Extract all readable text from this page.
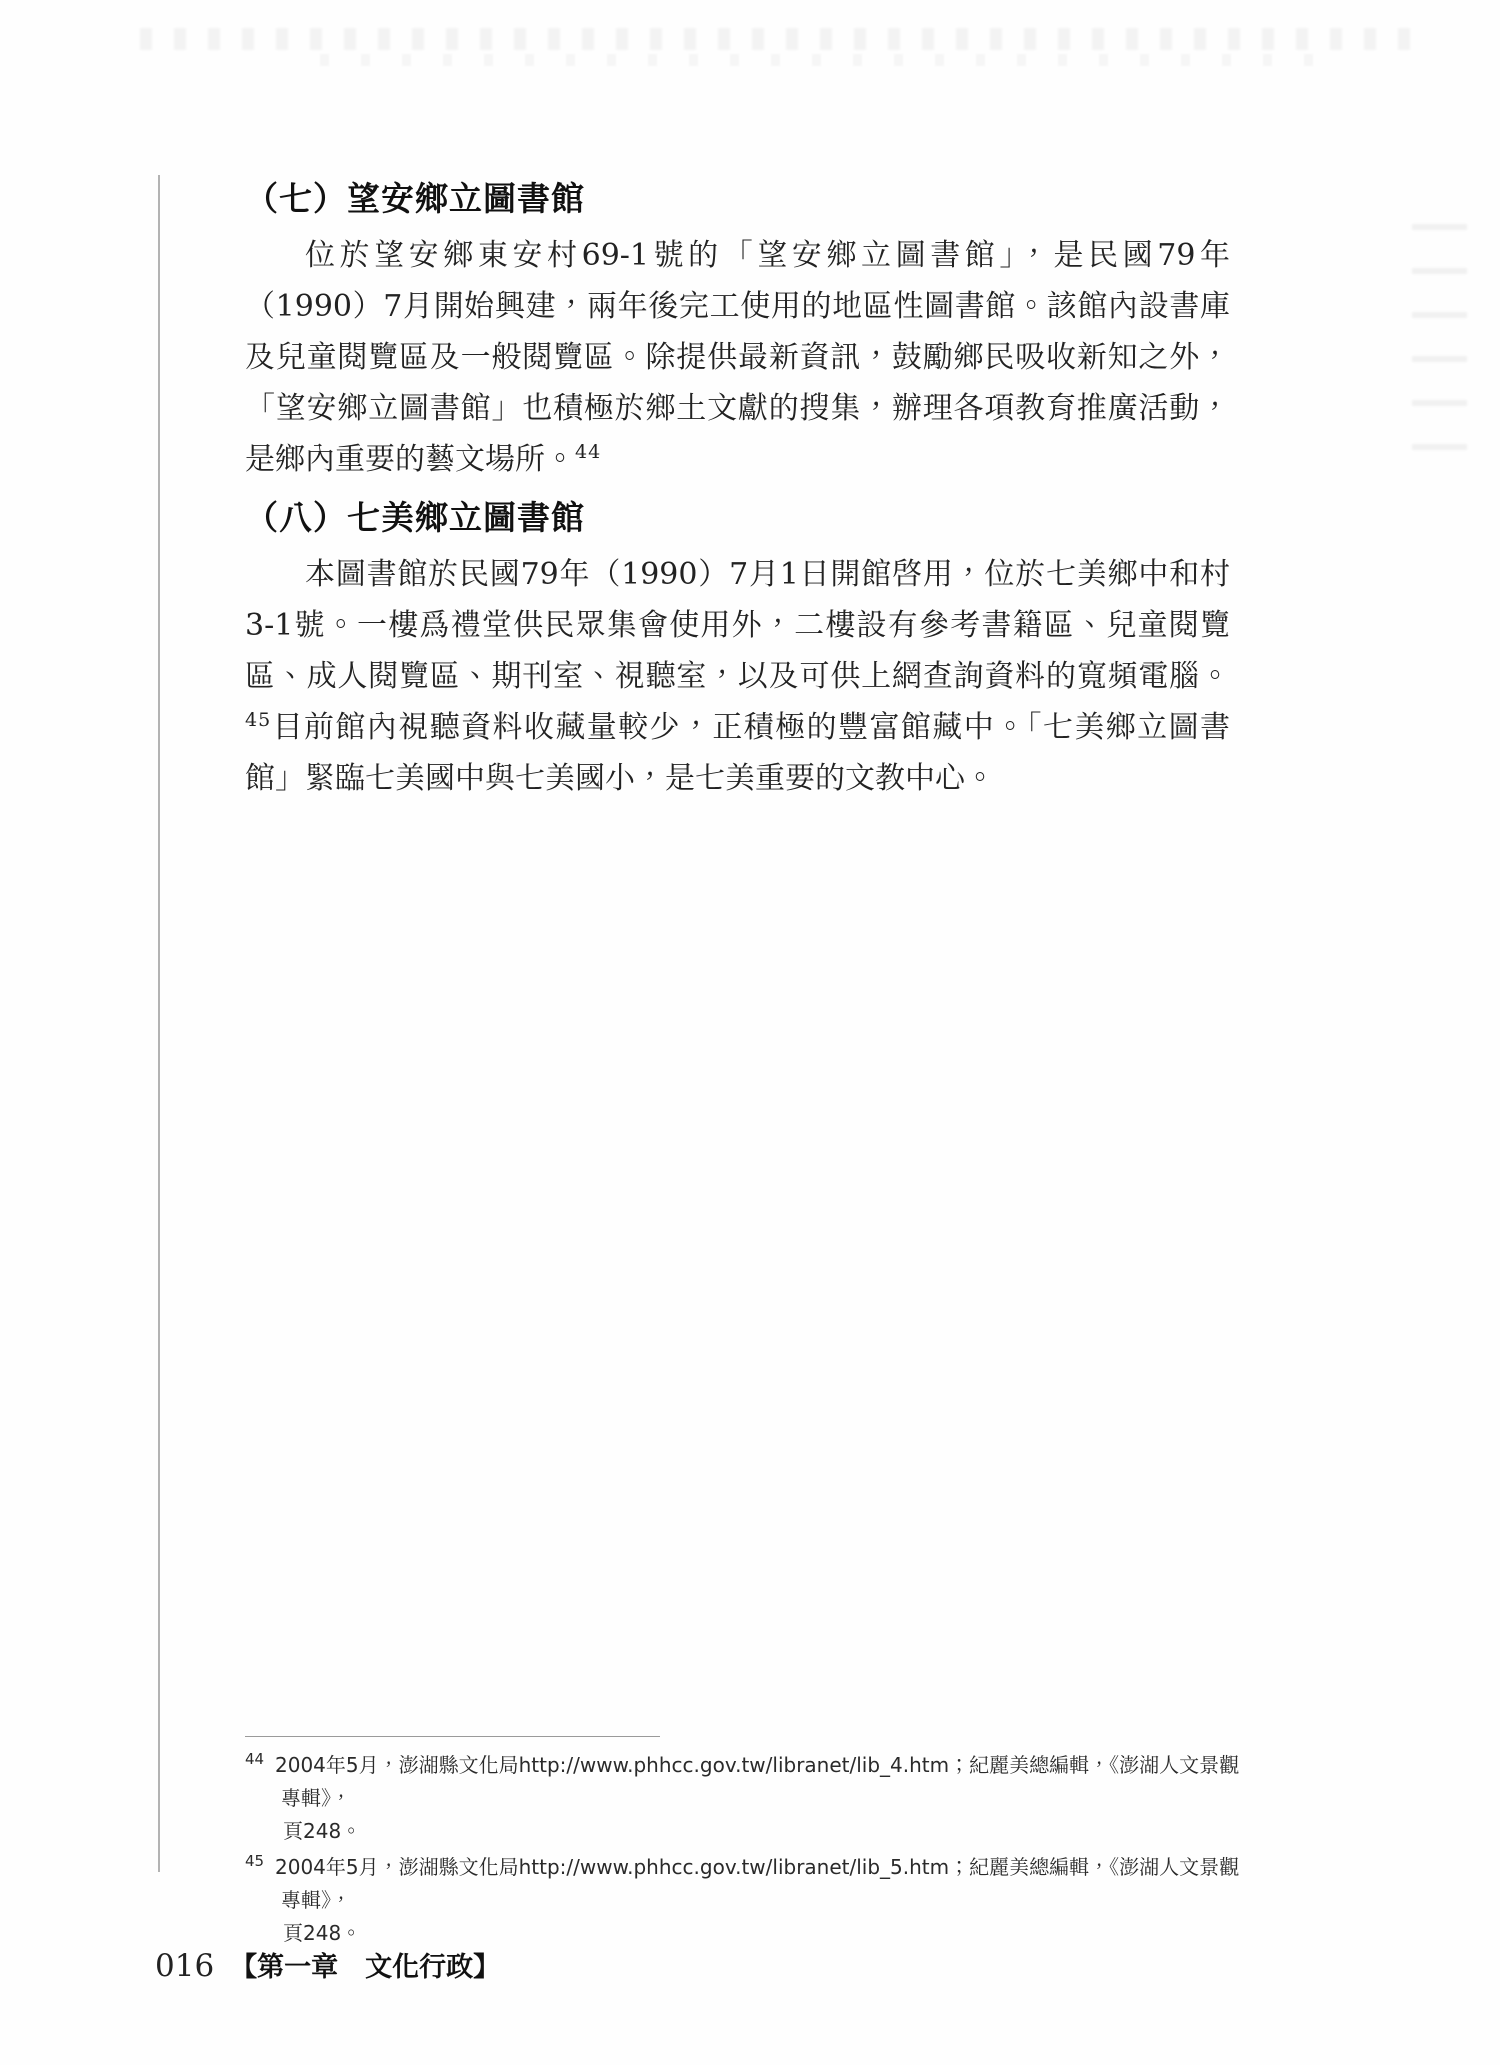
（七）望安鄉立圖書館

位於望安鄉東安村69-1號的「望安鄉立圖書館」，是民國79年（1990）7月開始興建，兩年後完工使用的地區性圖書館。該館內設書庫及兒童閱覽區及一般閱覽區。除提供最新資訊，鼓勵鄉民吸收新知之外，「望安鄉立圖書館」也積極於鄉土文獻的搜集，辦理各項教育推廣活動，是鄉內重要的藝文場所。$^{44}$

（八）七美鄉立圖書館

本圖書館於民國79年（1990）7月1日開館啓用，位於七美鄉中和村3-1號。一樓爲禮堂供民眾集會使用外，二樓設有參考書籍區、兒童閱覽區、成人閱覽區、期刊室、視聽室，以及可供上網查詢資料的寬頻電腦。$^{45}$目前館內視聽資料收藏量較少，正積極的豐富館藏中。「七美鄉立圖書館」緊臨七美國中與七美國小，是七美重要的文教中心。

$^{44}$ 2004年5月，澎湖縣文化局http://www.phhcc.gov.tw/libranet/lib_4.htm；紀麗美總編輯，《澎湖人文景觀專輯》，
頁248。
$^{45}$ 2004年5月，澎湖縣文化局http://www.phhcc.gov.tw/libranet/lib_5.htm；紀麗美總編輯，《澎湖人文景觀專輯》，
頁248。
016 【第一章　文化行政】
